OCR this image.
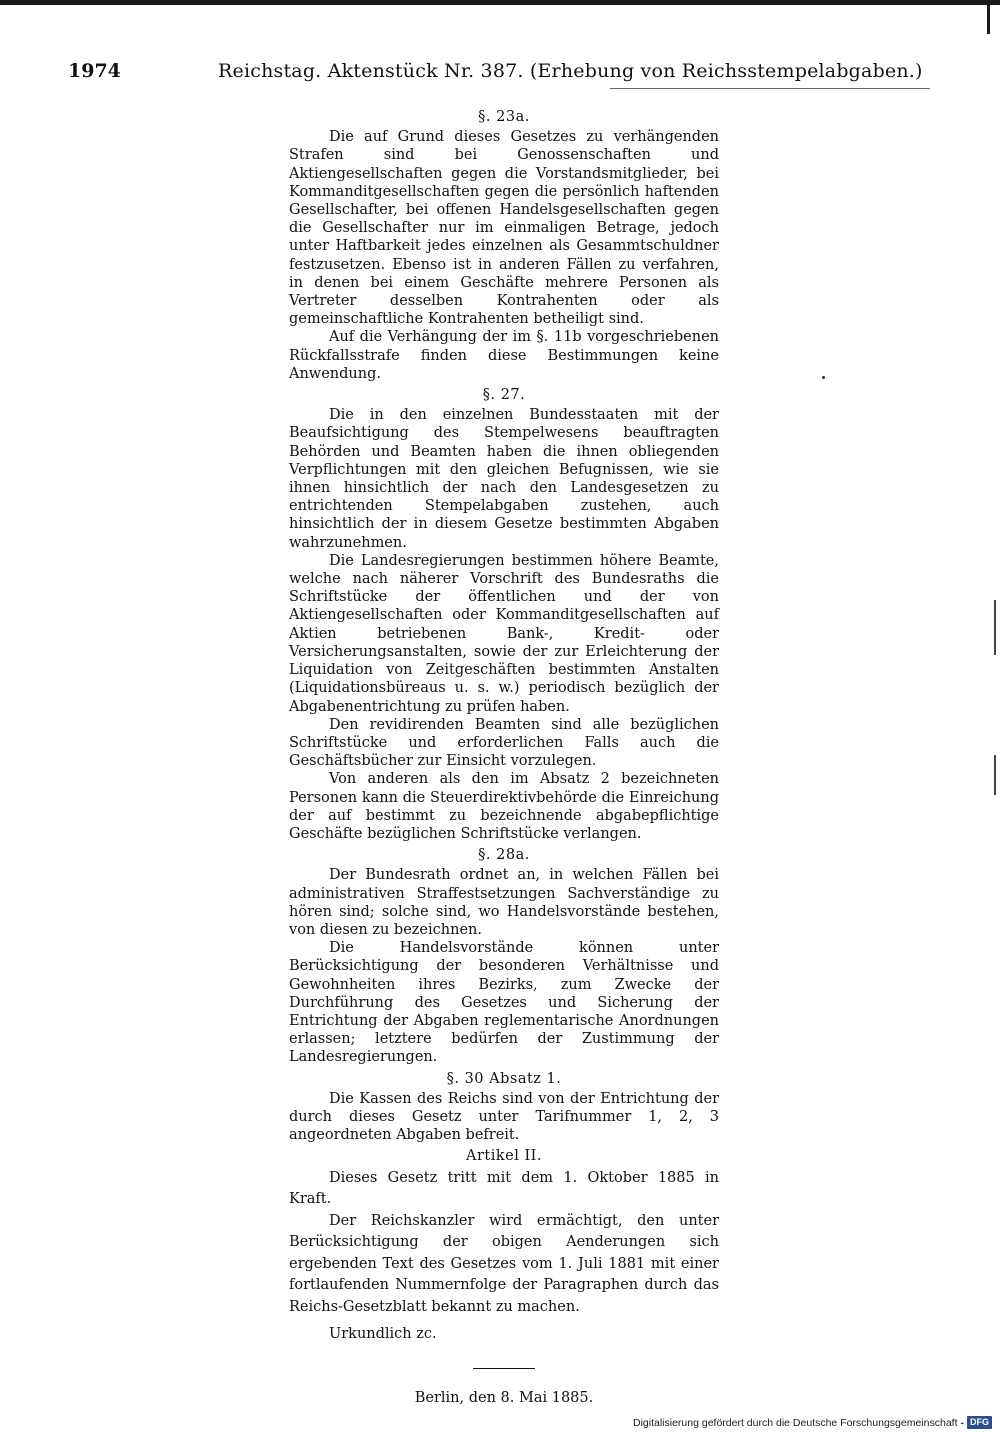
1974	Reichstag. Aktenstück Nr. 387. (Erhebung von Reichsstempelabgaben.)
§. 23a.

Die auf Grund dieses Gesetzes zu verhängenden Strafen sind bei Genossenschaften und Aktiengesellschaften gegen die Vorstandsmitglieder, bei Kommanditgesellschaften gegen die persönlich haftenden Gesellschafter, bei offenen Handelsgesellschaften gegen die Gesellschafter nur im einmaligen Betrage, jedoch unter Haftbarkeit jedes einzelnen als Gesammtschuldner festzusetzen. Ebenso ist in anderen Fällen zu verfahren, in denen bei einem Geschäfte mehrere Personen als Vertreter desselben Kontrahenten oder als gemeinschaftliche Kontrahenten betheiligt sind.

Auf die Verhängung der im §. 11b vorgeschriebenen Rückfallsstrafe finden diese Bestimmungen keine Anwendung.

§. 27.

Die in den einzelnen Bundesstaaten mit der Beaufsichtigung des Stempelwesens beauftragten Behörden und Beamten haben die ihnen obliegenden Verpflichtungen mit den gleichen Befugnissen, wie sie ihnen hinsichtlich der nach den Landesgesetzen zu entrichtenden Stempelabgaben zustehen, auch hinsichtlich der in diesem Gesetze bestimmten Abgaben wahrzunehmen.

Die Landesregierungen bestimmen höhere Beamte, welche nach näherer Vorschrift des Bundesraths die Schriftstücke der öffentlichen und der von Aktiengesellschaften oder Kommanditgesellschaften auf Aktien betriebenen Bank-, Kredit- oder Versicherungsanstalten, sowie der zur Erleichterung der Liquidation von Zeitgeschäften bestimmten Anstalten (Liquidationsbüreaus u. s. w.) periodisch bezüglich der Abgabenentrichtung zu prüfen haben.

Den revidirenden Beamten sind alle bezüglichen Schriftstücke und erforderlichen Falls auch die Geschäftsbücher zur Einsicht vorzulegen.

Von anderen als den im Absatz 2 bezeichneten Personen kann die Steuerdirektivbehörde die Einreichung der auf bestimmt zu bezeichnende abgabepflichtige Geschäfte bezüglichen Schriftstücke verlangen.

§. 28a.

Der Bundesrath ordnet an, in welchen Fällen bei administrativen Straffestsetzungen Sachverständige zu hören sind; solche sind, wo Handelsvorstände bestehen, von diesen zu bezeichnen.

Die Handelsvorstände können unter Berücksichtigung der besonderen Verhältnisse und Gewohnheiten ihres Bezirks, zum Zwecke der Durchführung des Gesetzes und Sicherung der Entrichtung der Abgaben reglementarische Anordnungen erlassen; letztere bedürfen der Zustimmung der Landesregierungen.

§. 30 Absatz 1.

Die Kassen des Reichs sind von der Entrichtung der durch dieses Gesetz unter Tarifnummer 1, 2, 3 angeordneten Abgaben befreit.

Artikel II.

Dieses Gesetz tritt mit dem 1. Oktober 1885 in Kraft.

Der Reichskanzler wird ermächtigt, den unter Berücksichtigung der obigen Aenderungen sich ergebenden Text des Gesetzes vom 1. Juli 1881 mit einer fortlaufenden Nummernfolge der Paragraphen durch das Reichs-Gesetzblatt bekannt zu machen.

Urkundlich zc.

Berlin, den 8. Mai 1885.
Digitalisierung gefördert durch die Deutsche Forschungsgemeinschaft - DFG
